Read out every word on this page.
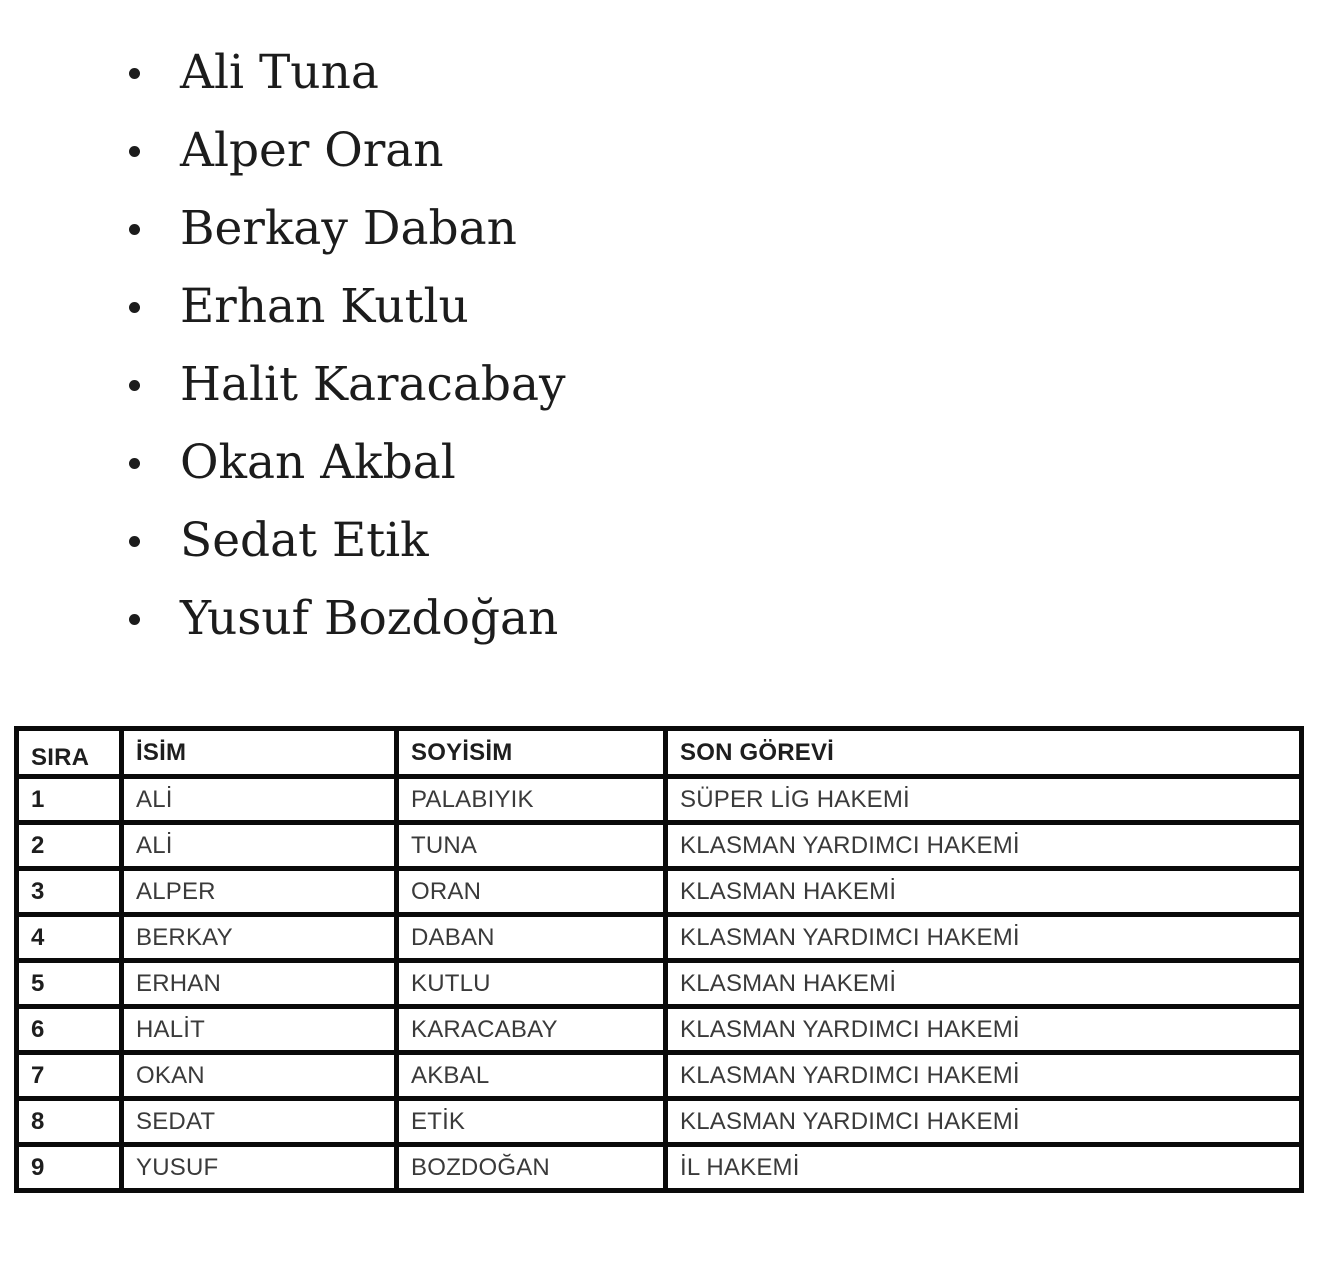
Ali Tuna
Alper Oran
Berkay Daban
Erhan Kutlu
Halit Karacabay
Okan Akbal
Sedat Etik
Yusuf Bozdoğan
SIRA	İSİM	SOYİSİM	SON GÖREVİ
1	ALİ	PALABIYIK	SÜPER LİG HAKEMİ
2	ALİ	TUNA	KLASMAN YARDIMCI HAKEMİ
3	ALPER	ORAN	KLASMAN HAKEMİ
4	BERKAY	DABAN	KLASMAN YARDIMCI HAKEMİ
5	ERHAN	KUTLU	KLASMAN HAKEMİ
6	HALİT	KARACABAY	KLASMAN YARDIMCI HAKEMİ
7	OKAN	AKBAL	KLASMAN YARDIMCI HAKEMİ
8	SEDAT	ETİK	KLASMAN YARDIMCI HAKEMİ
9	YUSUF	BOZDOĞAN	İL HAKEMİ
